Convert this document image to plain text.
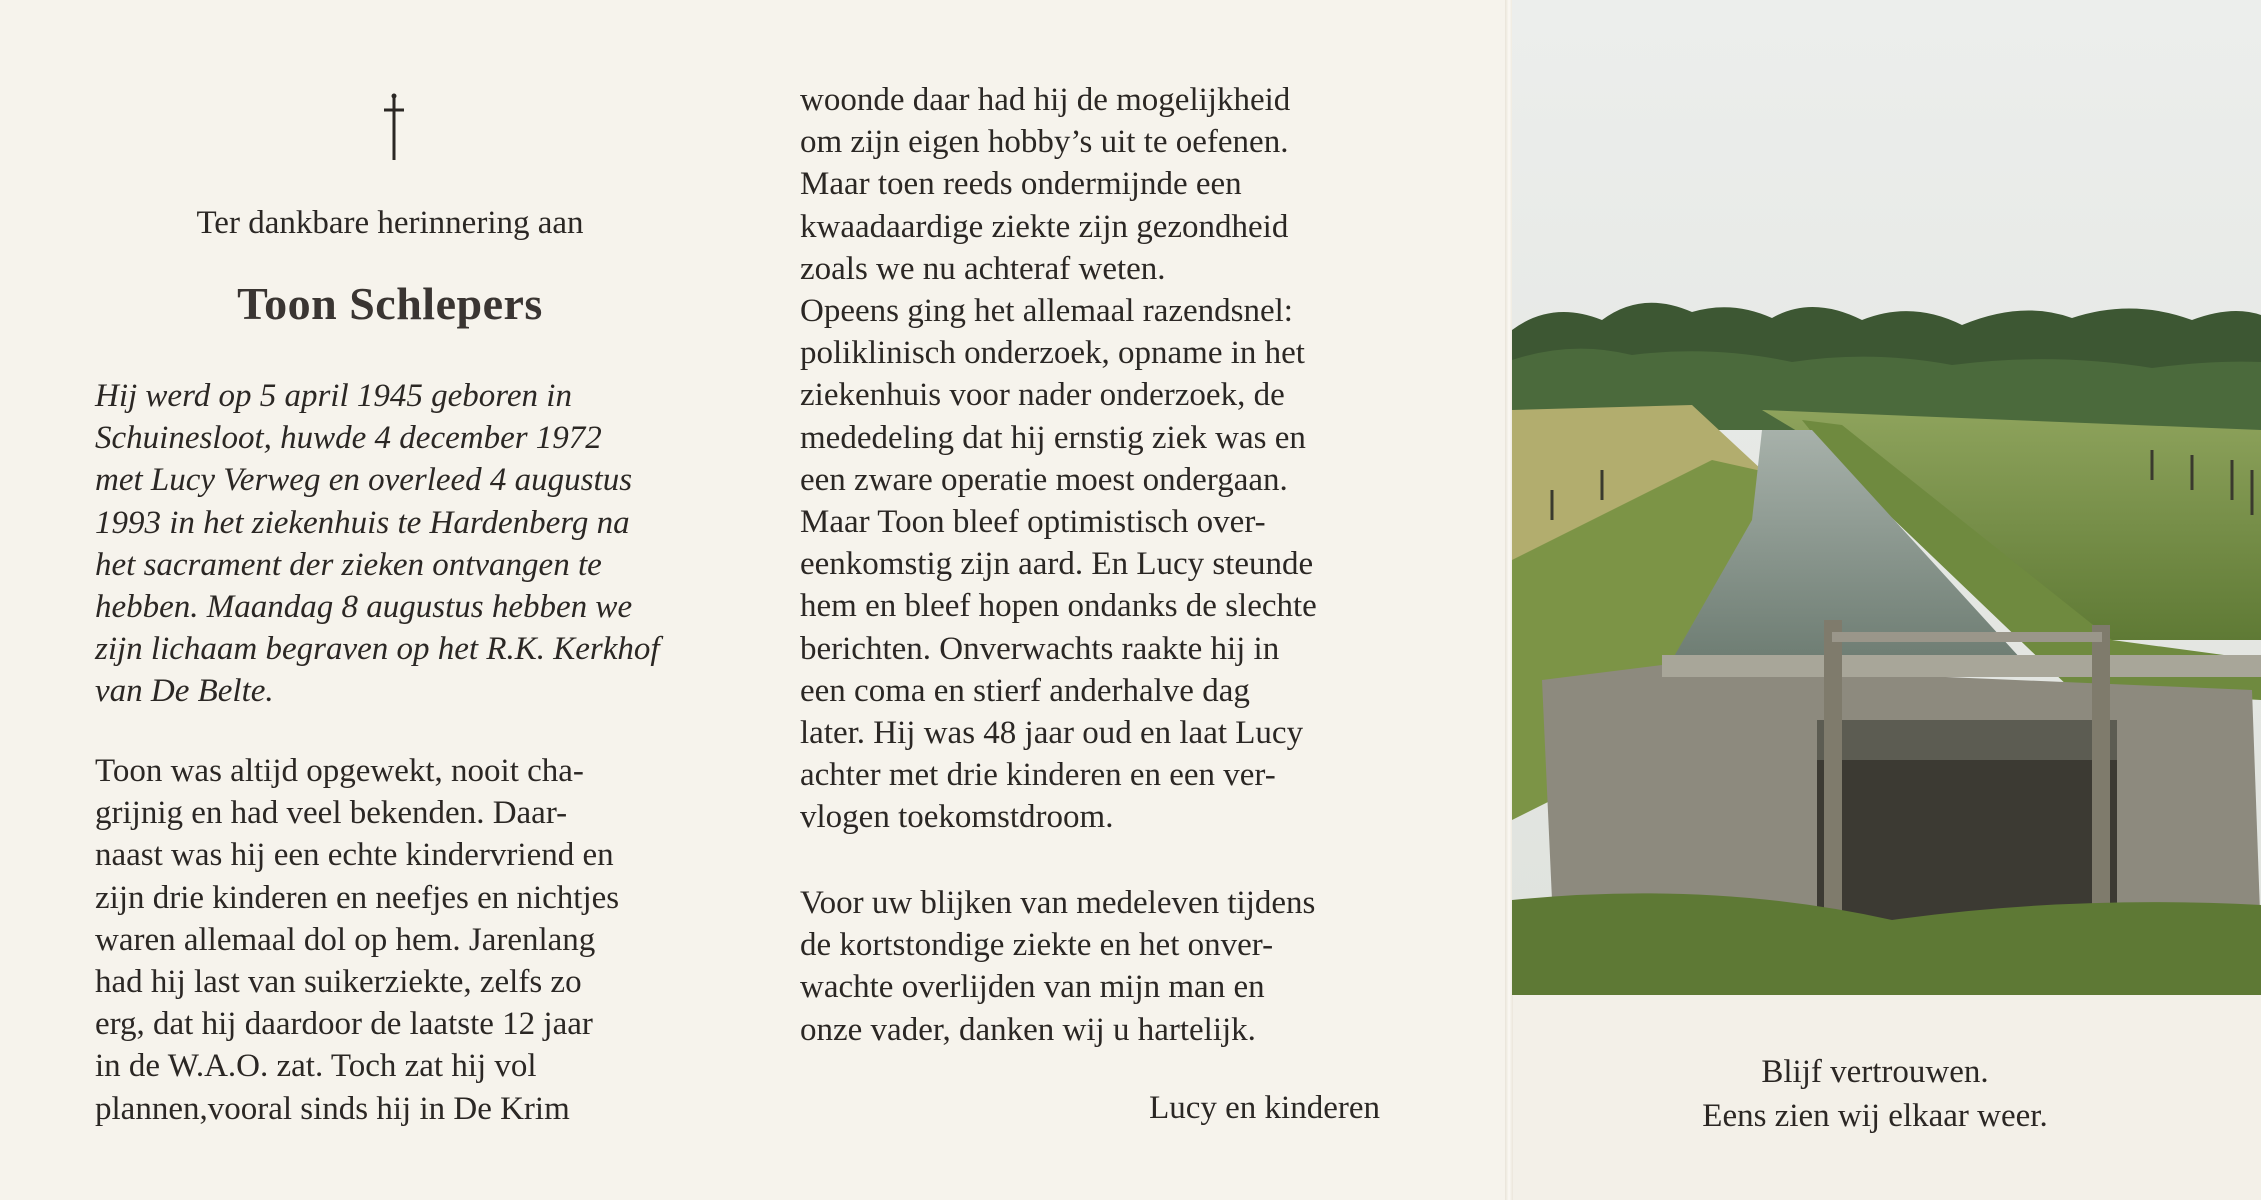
Ter dankbare herinnering aan
Toon Schlepers
Hij werd op 5 april 1945 geboren in
Schuinesloot, huwde 4 december 1972
met Lucy Verweg en overleed 4 augustus
1993 in het ziekenhuis te Hardenberg na
het sacrament der zieken ontvangen te
hebben. Maandag 8 augustus hebben we
zijn lichaam begraven op het R.K. Kerkhof
van De Belte.
Toon was altijd opgewekt, nooit cha-
grijnig en had veel bekenden. Daar-
naast was hij een echte kindervriend en
zijn drie kinderen en neefjes en nichtjes
waren allemaal dol op hem. Jarenlang
had hij last van suikerziekte, zelfs zo
erg, dat hij daardoor de laatste 12 jaar
in de W.A.O. zat. Toch zat hij vol
plannen,vooral sinds hij in De Krim
woonde daar had hij de mogelijkheid
om zijn eigen hobby’s uit te oefenen.
Maar toen reeds ondermijnde een
kwaadaardige ziekte zijn gezondheid
zoals we nu achteraf weten.
Opeens ging het allemaal razendsnel:
poliklinisch onderzoek, opname in het
ziekenhuis voor nader onderzoek, de
mededeling dat hij ernstig ziek was en
een zware operatie moest ondergaan.
Maar Toon bleef optimistisch over-
eenkomstig zijn aard. En Lucy steunde
hem en bleef hopen ondanks de slechte
berichten. Onverwachts raakte hij in
een coma en stierf anderhalve dag
later. Hij was 48 jaar oud en laat Lucy
achter met drie kinderen en een ver-
vlogen toekomstdroom.
Voor uw blijken van medeleven tijdens
de kortstondige ziekte en het onver-
wachte overlijden van mijn man en
onze vader, danken wij u hartelijk.
Lucy en kinderen
Blijf vertrouwen.
Eens zien wij elkaar weer.
